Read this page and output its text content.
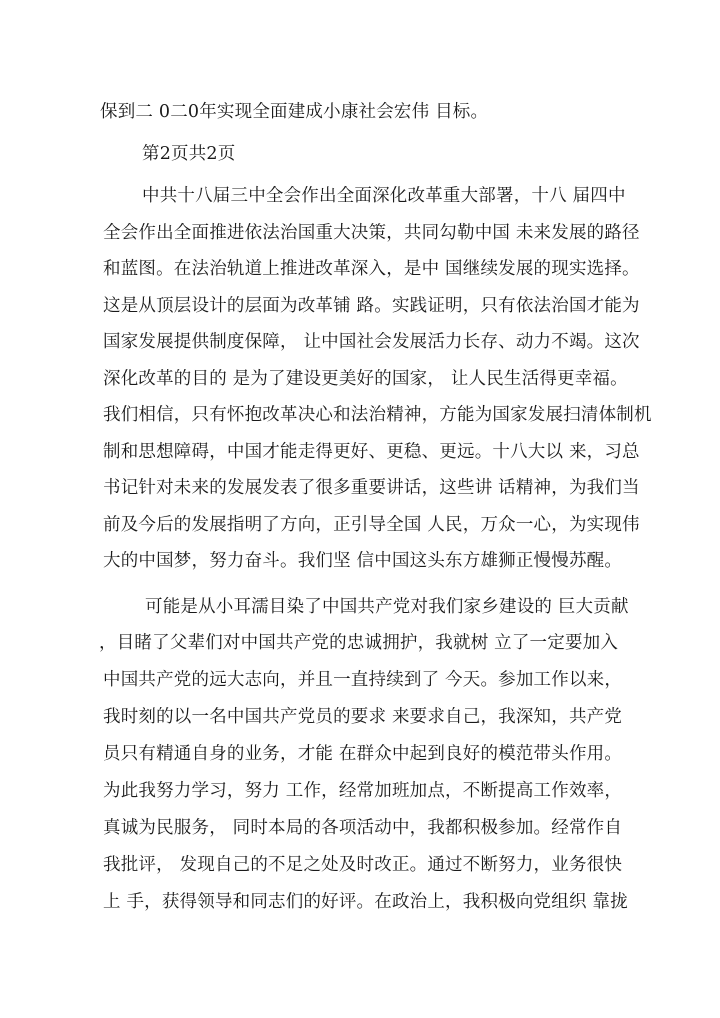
保到二 0二0年实现全面建成小康社会宏伟 目标。
第2页共2页
中共十八届三中全会作出全面深化改革重大部署，十八 届四中
全会作出全面推进依法治国重大决策，共同勾勒中国 未来发展的路径
和蓝图。在法治轨道上推进改革深入，是中 国继续发展的现实选择。
这是从顶层设计的层面为改革铺 路。实践证明，只有依法治国才能为
国家发展提供制度保障， 让中国社会发展活力长存、动力不竭。这次
深化改革的目的 是为了建设更美好的国家， 让人民生活得更幸福。
我们相信，只有怀抱改革决心和法治精神，方能为国家发展扫清体制机
制和思想障碍，中国才能走得更好、更稳、更远。十八大以 来，习总
书记针对未来的发展发表了很多重要讲话，这些讲 话精神，为我们当
前及今后的发展指明了方向，正引导全国 人民，万众一心，为实现伟
大的中国梦，努力奋斗。我们坚 信中国这头东方雄狮正慢慢苏醒。
可能是从小耳濡目染了中国共产党对我们家乡建设的 巨大贡献
，目睹了父辈们对中国共产党的忠诚拥护，我就树 立了一定要加入
中国共产党的远大志向，并且一直持续到了 今天。参加工作以来，
我时刻的以一名中国共产党员的要求 来要求自己，我深知，共产党
员只有精通自身的业务，才能 在群众中起到良好的模范带头作用。
为此我努力学习，努力 工作，经常加班加点，不断提高工作效率，
真诚为民服务， 同时本局的各项活动中，我都积极参加。经常作自
我批评， 发现自己的不足之处及时改正。通过不断努力，业务很快
上 手，获得领导和同志们的好评。在政治上，我积极向党组织 靠拢
